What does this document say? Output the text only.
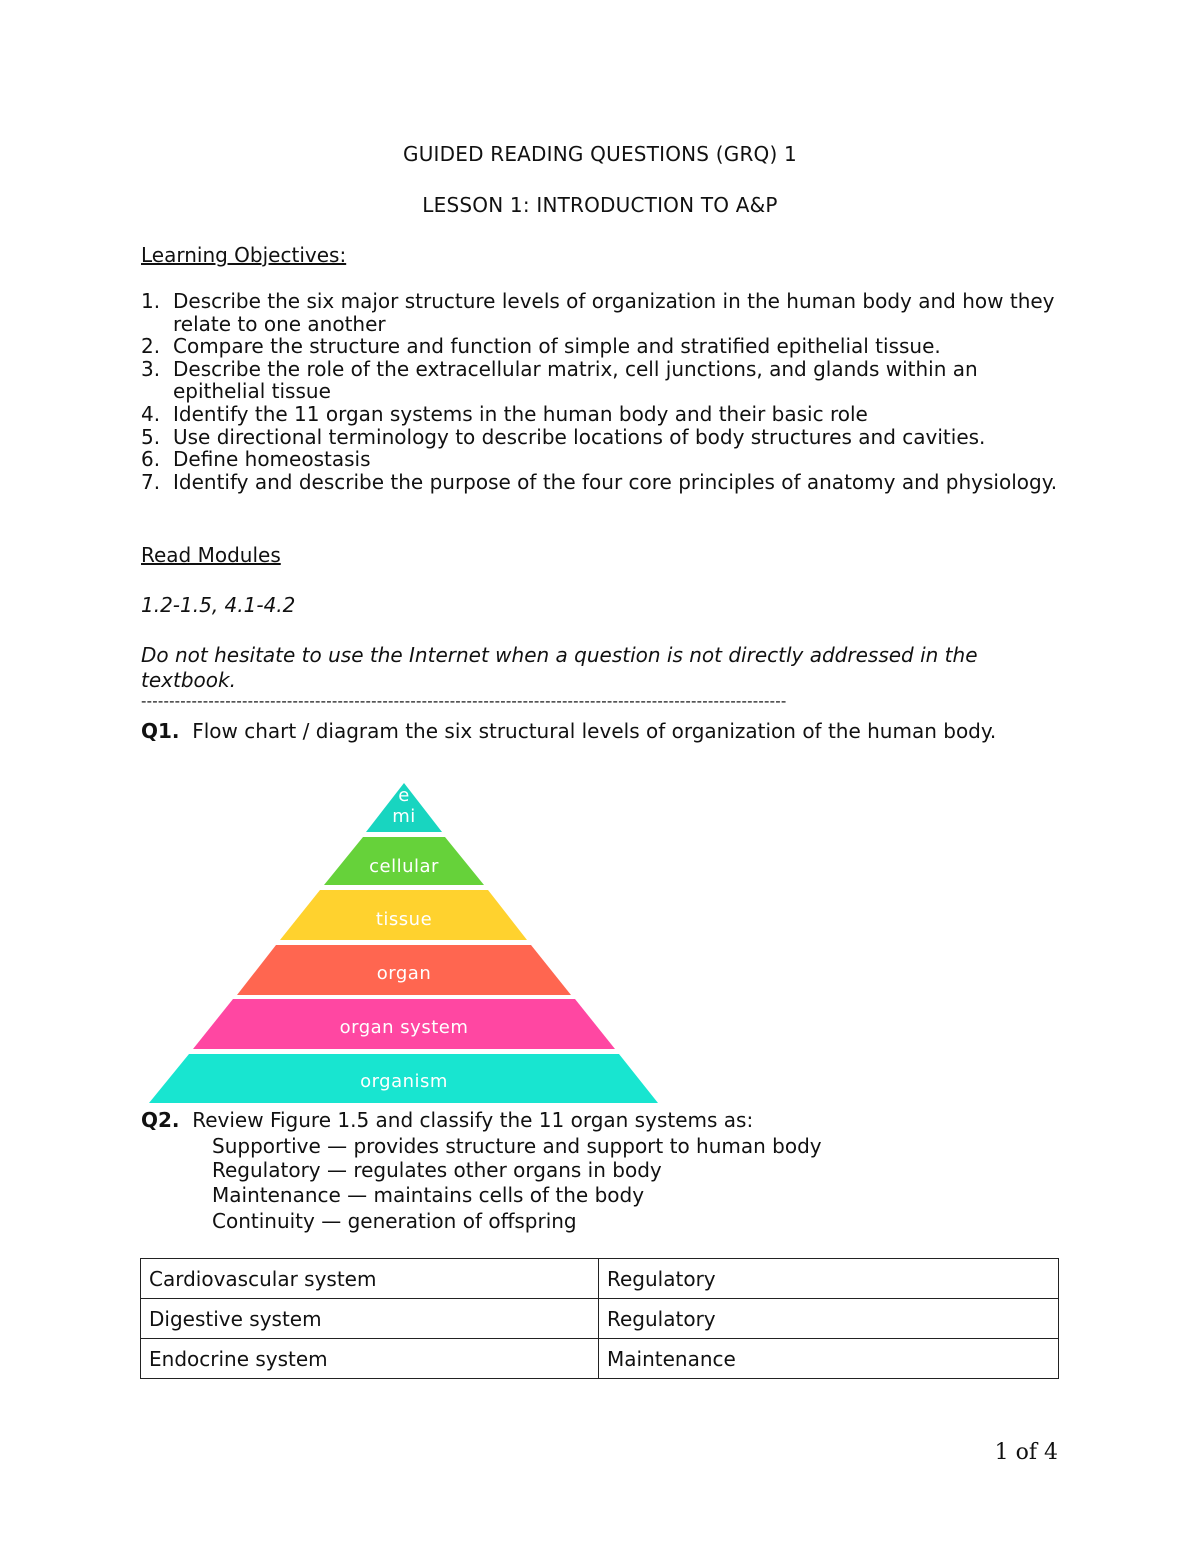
GUIDED READING QUESTIONS (GRQ) 1
LESSON 1: INTRODUCTION TO A&P
Learning Objectives:
1. Describe the six major structure levels of organization in the human body and how they relate to one another
2. Compare the structure and function of simple and stratified epithelial tissue.
3. Describe the role of the extracellular matrix, cell junctions, and glands within an epithelial tissue
4. Identify the 11 organ systems in the human body and their basic role
5. Use directional terminology to describe locations of body structures and cavities.
6. Define homeostasis
7. Identify and describe the purpose of the four core principles of anatomy and physiology.
Read Modules
1.2-1.5, 4.1-4.2
Do not hesitate to use the Internet when a question is not directly addressed in the textbook.
-------------------------------------------------------------------------------------------------------------------
Q1. Flow chart / diagram the six structural levels of organization of the human body.
e
mi
cellular
tissue
organ
organ system
organism
Q2. Review Figure 1.5 and classify the 11 organ systems as:
Supportive — provides structure and support to human body
Regulatory — regulates other organs in body
Maintenance — maintains cells of the body
Continuity — generation of offspring
Cardiovascular system	Regulatory
Digestive system	Regulatory
Endocrine system	Maintenance
1 of 4
